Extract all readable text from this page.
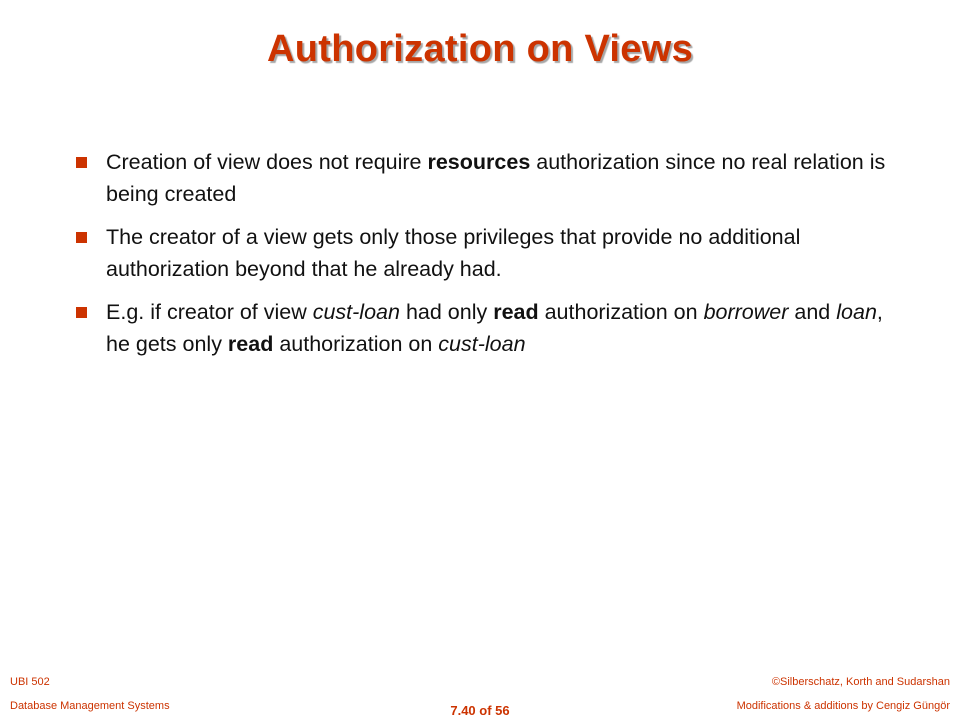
Authorization on Views
Creation of view does not require resources authorization since no real relation is being created
The creator of a view gets only those privileges that provide no additional authorization beyond that he already had.
E.g. if creator of view cust-loan had only read authorization on borrower and loan, he gets only read authorization on cust-loan
UBI 502
Database Management Systems	7.40 of 56
©Silberschatz, Korth and Sudarshan
Modifications & additions by Cengiz Güngör
